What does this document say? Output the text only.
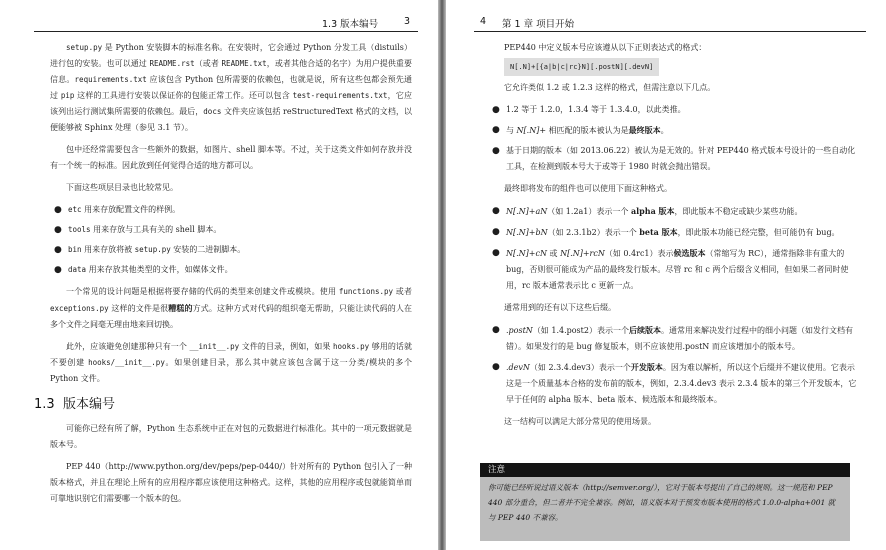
1.3 版本编号	3

setup.py 是 Python 安装脚本的标准名称。在安装时，它会通过 Python 分发工具（distuils）进行包的安装。也可以通过 README.rst（或者 README.txt，或者其他合适的名字）为用户提供重要信息。requirements.txt 应该包含 Python 包所需要的依赖包，也就是说，所有这些包都会预先通过 pip 这样的工具进行安装以保证你的包能正常工作。还可以包含 test-requirements.txt，它应该列出运行测试集所需要的依赖包。最后，docs 文件夹应该包括 reStructuredText 格式的文档，以便能够被 Sphinx 处理（参见 3.1 节）。

包中还经常需要包含一些额外的数据，如图片、shell 脚本等。不过，关于这类文件如何存放并没有一个统一的标准。因此放到任何觉得合适的地方都可以。

下面这些项层目录也比较常见。

● etc 用来存放配置文件的样例。
● tools 用来存放与工具有关的 shell 脚本。
● bin 用来存放将被 setup.py 安装的二进制脚本。
● data 用来存放其他类型的文件，如媒体文件。

一个常见的设计问题是根据将要存储的代码的类型来创建文件或模块。使用 functions.py 或者 exceptions.py 这样的文件是很糟糕的方式。这种方式对代码的组织毫无帮助，只能让读代码的人在多个文件之间毫无理由地来回切换。

此外，应该避免创建那种只有一个 __init__.py 文件的目录，例如，如果 hooks.py 够用的话就不要创建 hooks/__init__.py。如果创建目录，那么其中就应该包含属于这一分类/模块的多个 Python 文件。

1.3 版本编号

可能你已经有所了解，Python 生态系统中正在对包的元数据进行标准化。其中的一项元数据就是版本号。

PEP 440（http://www.python.org/dev/peps/pep-0440/）针对所有的 Python 包引入了一种版本格式，并且在理论上所有的应用程序都应该使用这种格式。这样，其他的应用程序或包就能简单而可靠地识别它们需要哪一个版本的包。

4 第 1 章 项目开始

PEP440 中定义版本号应该遵从以下正则表达式的格式：

N[.N]+[{a|b|c|rc}N][.postN][.devN]

它允许类似 1.2 或 1.2.3 这样的格式，但需注意以下几点。

● 1.2 等于 1.2.0，1.3.4 等于 1.3.4.0，以此类推。
● 与 N[.N]+ 相匹配的版本被认为是最终版本。
● 基于日期的版本（如 2013.06.22）被认为是无效的。针对 PEP440 格式版本号设计的一些自动化工具，在检测到版本号大于或等于 1980 时就会抛出错误。

最终即将发布的组件也可以使用下面这种格式。

● N[.N]+aN（如 1.2a1）表示一个 alpha 版本，即此版本不稳定或缺少某些功能。
● N[.N]+bN（如 2.3.1b2）表示一个 beta 版本，即此版本功能已经完整，但可能仍有 bug。
● N[.N]+cN 或 N[.N]+rcN（如 0.4rc1）表示候选版本（常缩写为 RC），通常指除非有重大的 bug，否则很可能成为产品的最终发行版本。尽管 rc 和 c 两个后缀含义相同，但如果二者同时使用，rc 版本通常表示比 c 更新一点。

通常用到的还有以下这些后缀。

● .postN（如 1.4.post2）表示一个后续版本。通常用来解决发行过程中的细小问题（如发行文档有错）。如果发行的是 bug 修复版本，则不应该使用.postN 而应该增加小的版本号。
● .devN（如 2.3.4.dev3）表示一个开发版本。因为难以解析，所以这个后缀并不建议使用。它表示这是一个质量基本合格的发布前的版本，例如，2.3.4.dev3 表示 2.3.4 版本的第三个开发版本，它早于任何的 alpha 版本、beta 版本、候选版本和最终版本。

这一结构可以满足大部分常见的使用场景。

注意
你可能已经听说过语义版本（http://semver.org/），它对于版本号提出了自己的规则。这一规范和 PEP 440 部分重合，但二者并不完全兼容。例如，语义版本对于预发布版本使用的格式 1.0.0-alpha+001 就与 PEP 440 不兼容。
